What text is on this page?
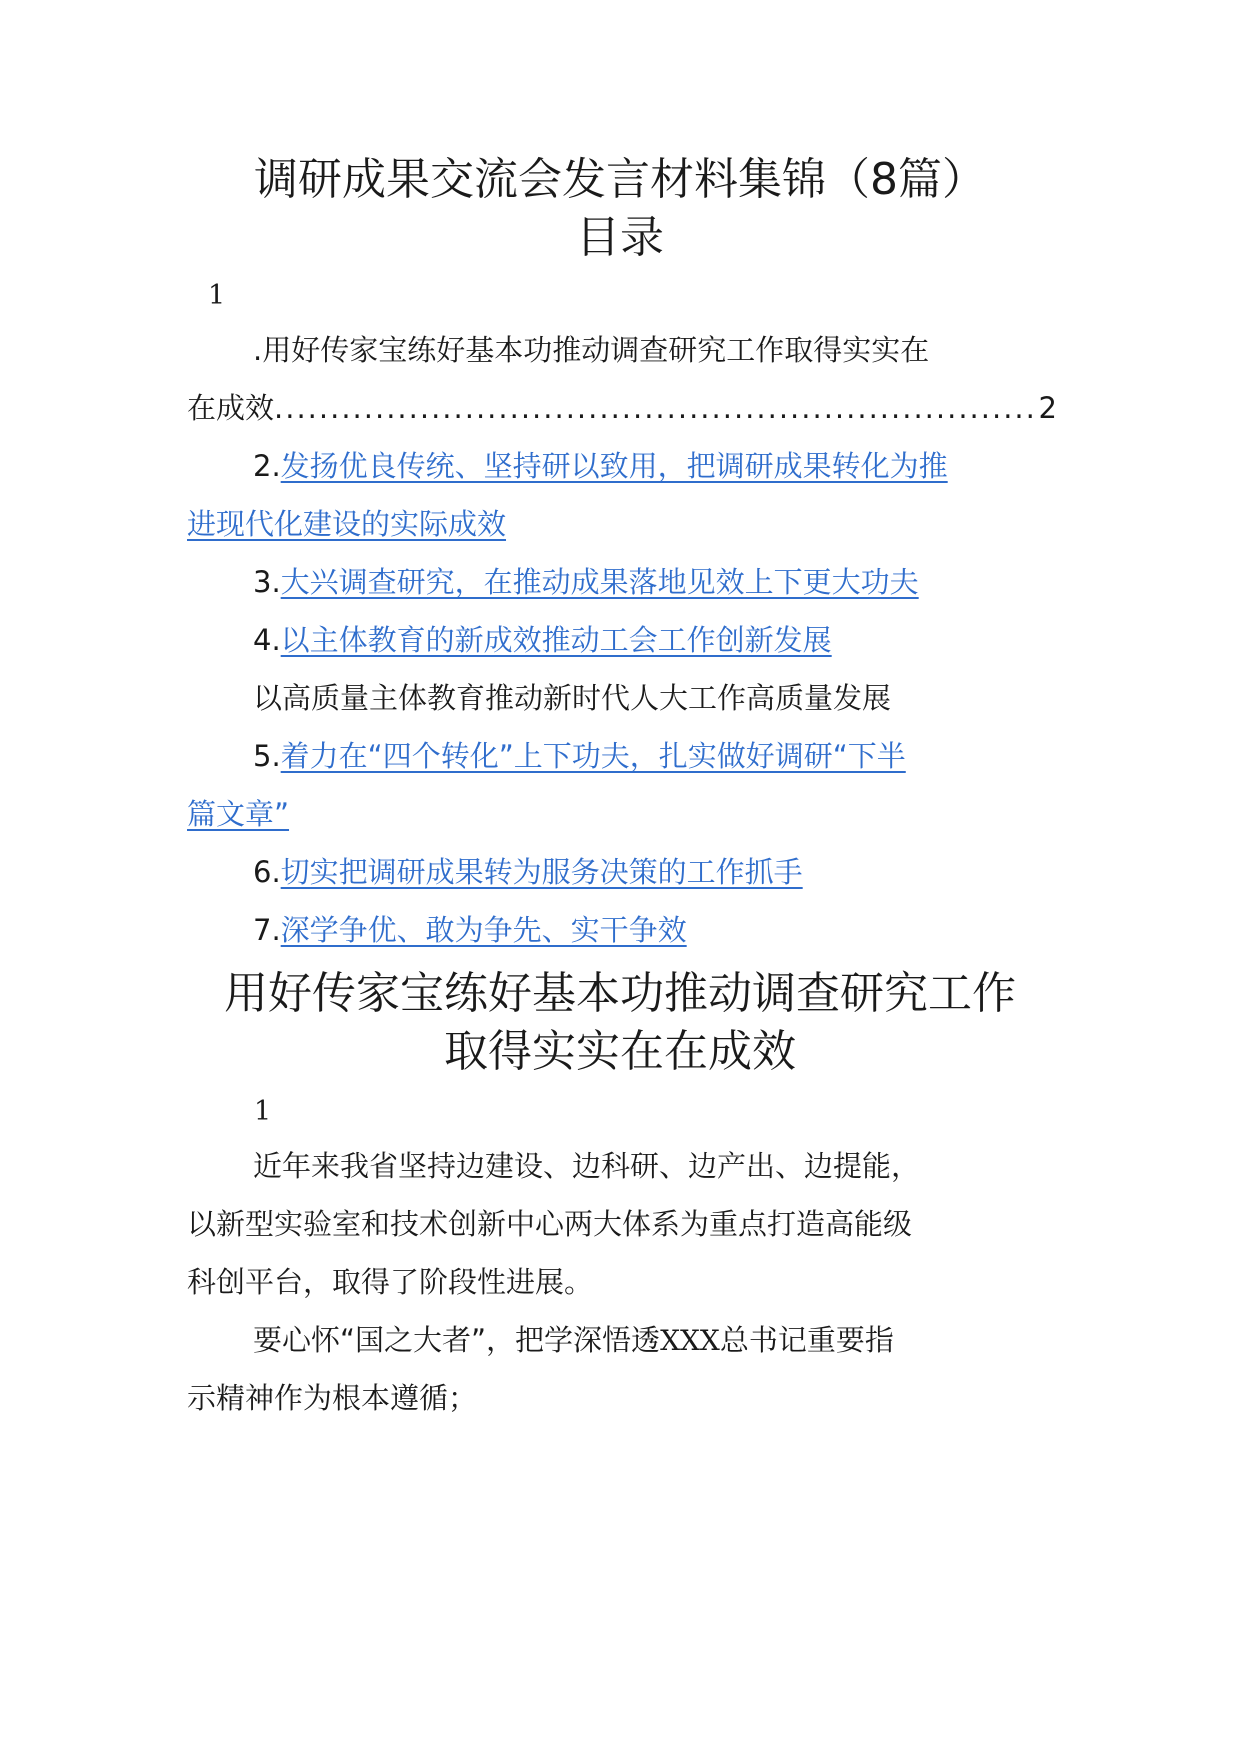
调研成果交流会发言材料集锦（8篇）
目录
1
.用好传家宝练好基本功推动调查研究工作取得实实在
在成效
.....	2
2.发扬优良传统、坚持研以致用，把调研成果转化为推
进现代化建设的实际成效
3.大兴调查研究，在推动成果落地见效上下更大功夫
4.以主体教育的新成效推动工会工作创新发展
以高质量主体教育推动新时代人大工作高质量发展
5.着力在“四个转化”上下功夫，扎实做好调研“下半
篇文章”
6.切实把调研成果转为服务决策的工作抓手
7.深学争优、敢为争先、实干争效
用好传家宝练好基本功推动调查研究工作
取得实实在在成效
1
近年来我省坚持边建设、边科研、边产出、边提能，
以新型实验室和技术创新中心两大体系为重点打造高能级
科创平台，取得了阶段性进展。
要心怀“国之大者”，把学深悟透XXX总书记重要指
示精神作为根本遵循；
